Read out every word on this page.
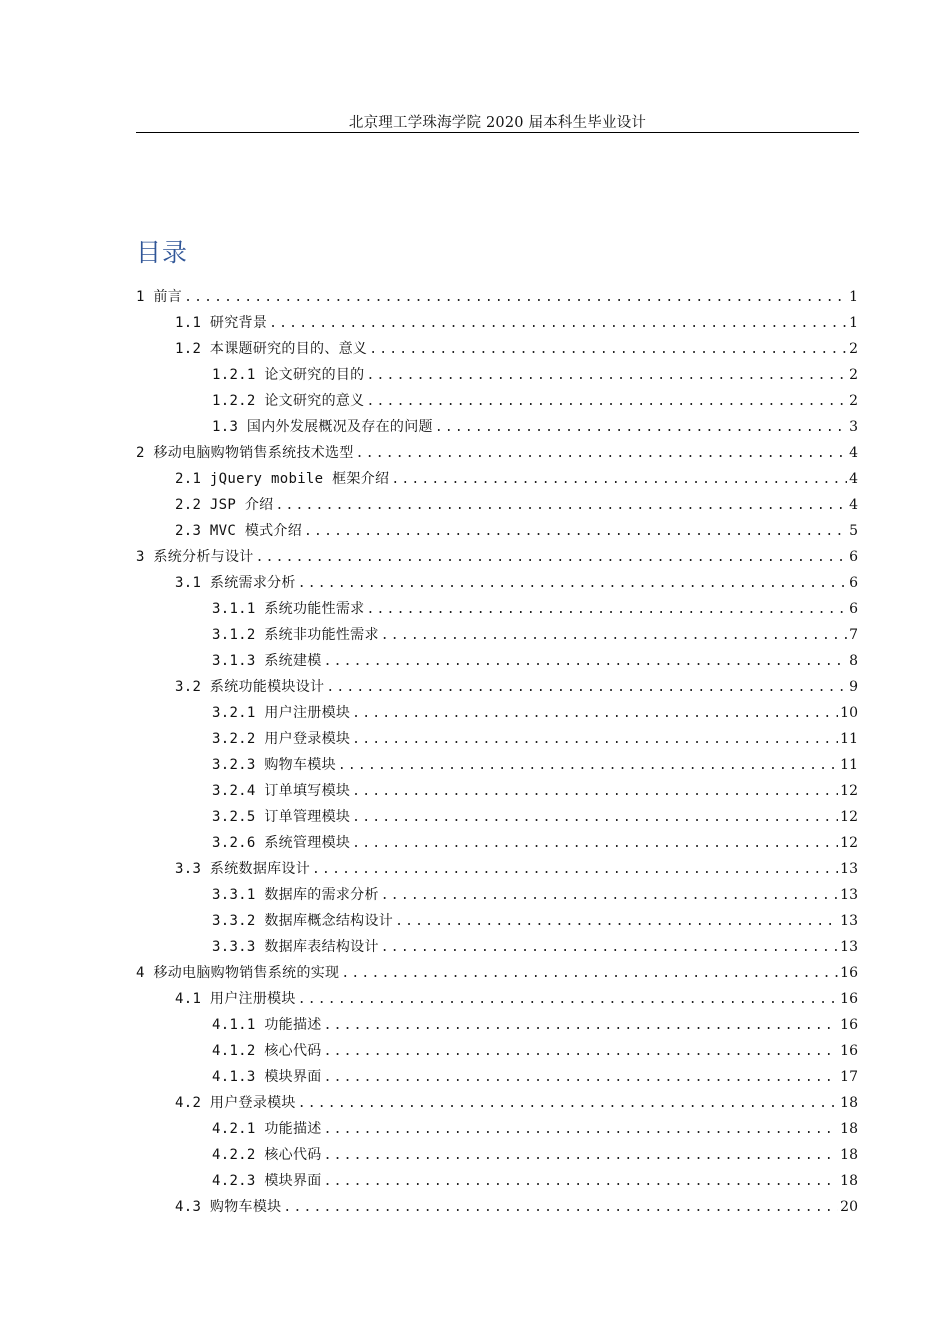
北京理工学珠海学院 2020 届本科生毕业设计
目录
1 前言 .....	1
1.1 研究背景 .....	1
1.2 本课题研究的目的、意义 .....	2
1.2.1 论文研究的目的 .....	2
1.2.2 论文研究的意义 .....	2
1.3 国内外发展概况及存在的问题 .....	3
2 移动电脑购物销售系统技术选型 .....	4
2.1 jQuery mobile 框架介绍 .....	4
2.2 JSP 介绍 .....	4
2.3 MVC 模式介绍 .....	5
3 系统分析与设计 .....	6
3.1 系统需求分析 .....	6
3.1.1 系统功能性需求 .....	6
3.1.2 系统非功能性需求 .....	7
3.1.3 系统建模 .....	8
3.2 系统功能模块设计 .....	9
3.2.1 用户注册模块 .....	10
3.2.2 用户登录模块 .....	11
3.2.3 购物车模块 .....	11
3.2.4 订单填写模块 .....	12
3.2.5 订单管理模块 .....	12
3.2.6 系统管理模块 .....	12
3.3 系统数据库设计 .....	13
3.3.1 数据库的需求分析 .....	13
3.3.2 数据库概念结构设计 .....	13
3.3.3 数据库表结构设计 .....	13
4 移动电脑购物销售系统的实现 .....	16
4.1 用户注册模块 .....	16
4.1.1 功能描述 .....	16
4.1.2 核心代码 .....	16
4.1.3 模块界面 .....	17
4.2 用户登录模块 .....	18
4.2.1 功能描述 .....	18
4.2.2 核心代码 .....	18
4.2.3 模块界面 .....	18
4.3 购物车模块 .....	20
